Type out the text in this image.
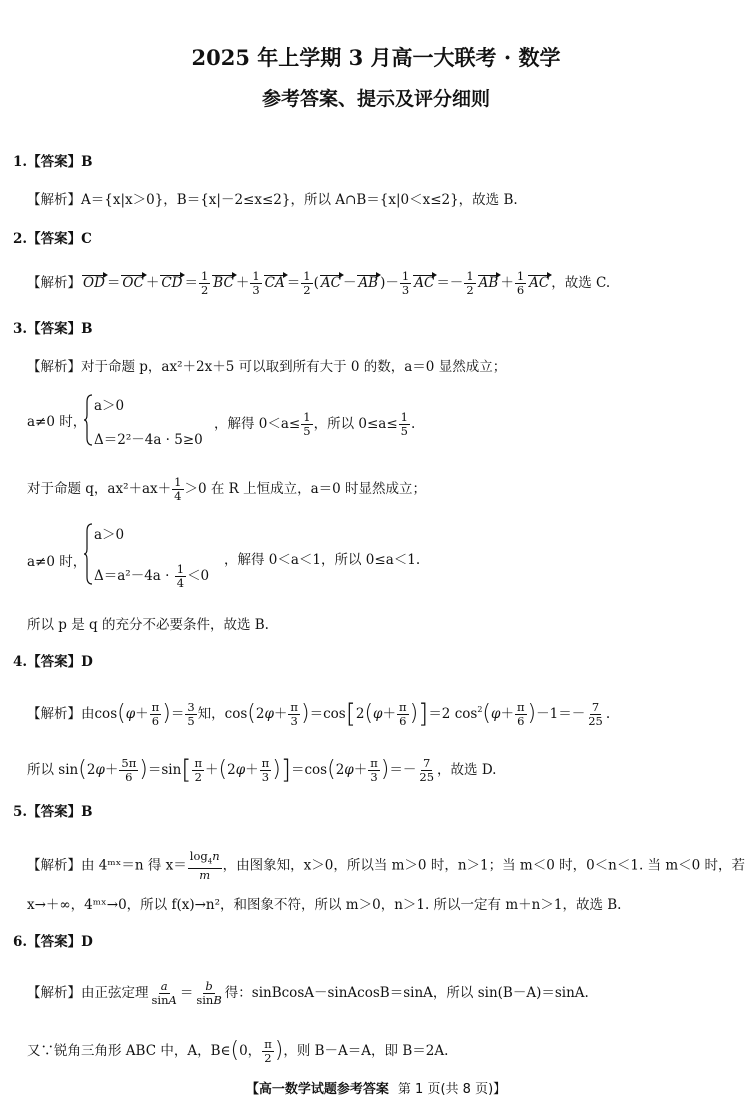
2025 年上学期 3 月高一大联考 · 数学
参考答案、提示及评分细则
1.【答案】B
【解析】A＝{x|x＞0}，B＝{x|－2≤x≤2}，所以 A∩B＝{x|0＜x≤2}，故选 B.
2.【答案】C
【解析】 OD ＝ OC ＋ CD ＝ $\frac{1}{2}$ BC ＋ $\frac{1}{3}$ CA ＝ $\frac{1}{2}$ ( AC － AB )－ $\frac{1}{3}$ AC ＝－ $\frac{1}{2}$ AB ＋ $\frac{1}{6}$ AC ，故选 C.
3.【答案】B
【解析】对于命题 p，ax²＋2x＋5 可以取到所有大于 0 的数，a＝0 显然成立；
a≠0 时，
a＞0
Δ＝2²－4a · 5≥0
，解得 $0<a\le \frac{1}{5}$ ，所以 $0\le a\le \frac{1}{5}$ .
对于命题 q，$ax^2+ax+ \frac{1}{4} >0$ 在 R 上恒成立，a＝0 时显然成立；
a≠0 时，
a＞0
$\Delta=a^2-4a \cdot \frac{1}{4} <0$
，解得 0＜a＜1，所以 0≤a＜1.
所以 p 是 q 的充分不必要条件，故选 B.
4.【答案】D
【解析】由$\cos(\varphi+ \frac{\pi}{6}$ )＝ $\frac{3}{5}$ 知，$\cos(2\varphi+ \frac{\pi}{3} )=\cos[2(\varphi+ \frac{\pi}{6} )]=2$ $\cos^2(\varphi+ \frac{\pi}{6} )-1=- \frac{7}{25}$ .
所以 $\sin(2\varphi+ \frac{5\pi}{6} )=\sin[ \frac{\pi}{2} +(2\varphi+ \frac{\pi}{3} )]=\cos(2\varphi+ \frac{\pi}{3}$ )＝－ $\frac{7}{25}$ ，故选 D.
5.【答案】B
【解析】由 4ᵐˣ＝n 得 $x= \frac{\log_4n}{m}$ ，由图象知，x＞0，所以当 m＞0 时，n＞1；当 m＜0 时，0＜n＜1. 当 m＜0 时，若
x→＋∞，4ᵐˣ→0，所以 f(x)→n²，和图象不符，所以 m＞0，n＞1. 所以一定有 m＋n＞1，故选 B.
6.【答案】D
【解析】由正弦定理 $\frac{a}{\sin A} = \frac{b}{\sin B}$ 得：sinBcosA－sinAcosB＝sinA，所以 sin(B－A)＝sinA.
又∵锐角三角形 ABC 中，A，B∈(0， $\frac{\pi}{2}$ )，则 B－A＝A，即 B＝2A.
【高一数学试题参考答案 第 1 页(共 8 页)】
